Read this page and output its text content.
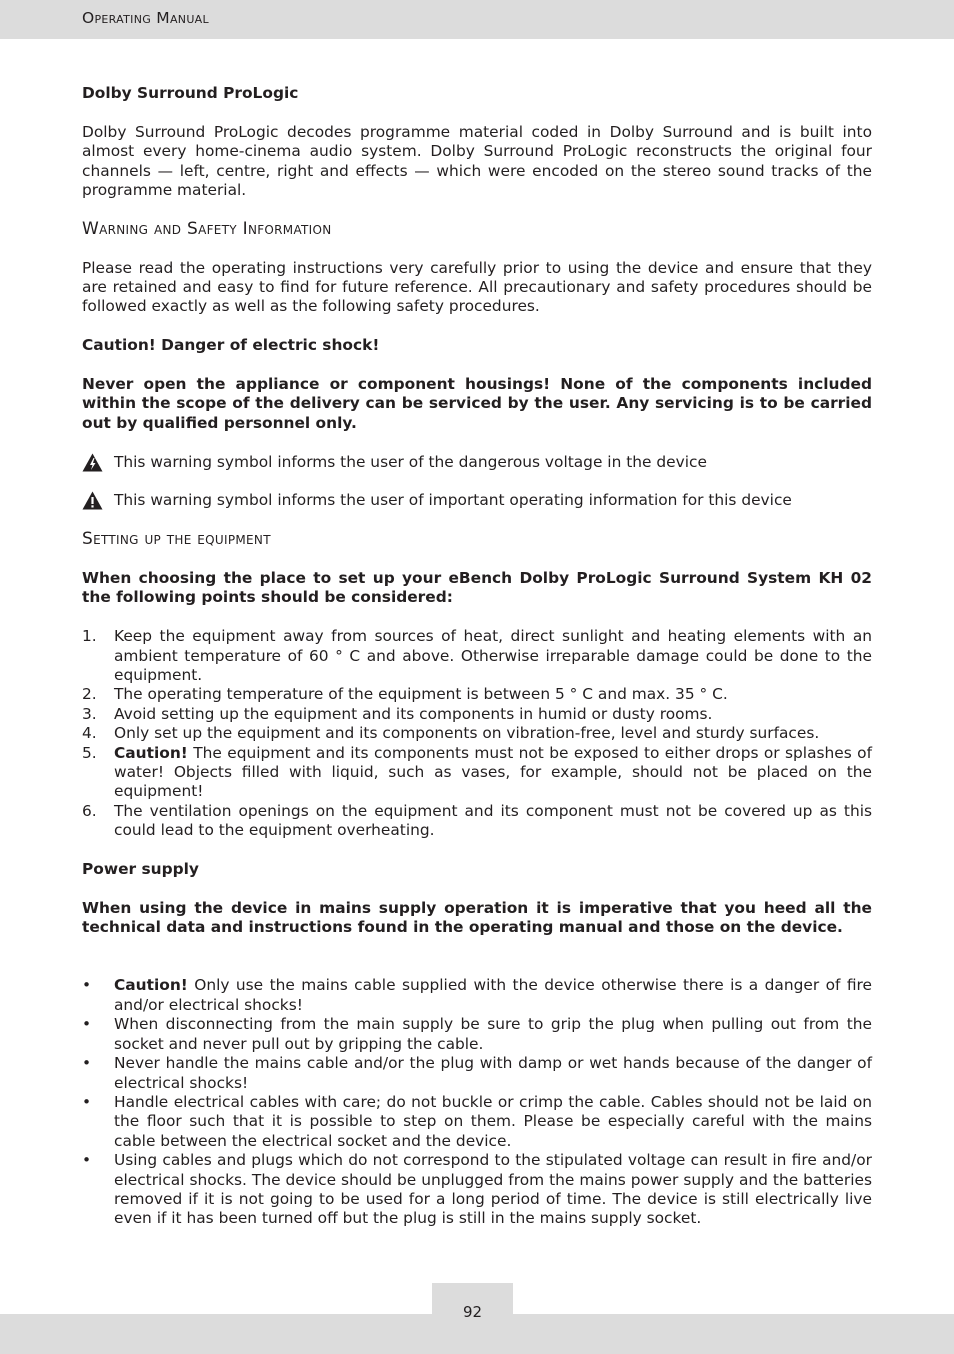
Operating Manual

Dolby Surround ProLogic

Dolby Surround ProLogic decodes programme material coded in Dolby Surround and is built into almost every home-cinema audio system. Dolby Surround ProLogic reconstructs the original four channels — left, centre, right and effects — which were encoded on the stereo sound tracks of the programme material.

Warning and Safety Information

Please read the operating instructions very carefully prior to using the device and ensure that they are retained and easy to find for future reference. All precautionary and safety procedures should be followed exactly as well as the following safety procedures.

Caution! Danger of electric shock!

Never open the appliance or component housings! None of the components included within the scope of the delivery can be serviced by the user. Any servicing is to be carried out by qualified personnel only.

This warning symbol informs the user of the dangerous voltage in the device
This warning symbol informs the user of important operating information for this device

Setting up the equipment

When choosing the place to set up your eBench Dolby ProLogic Surround System KH 02 the following points should be considered:

1.	Keep the equipment away from sources of heat, direct sunlight and heating elements with an ambient temperature of 60 ° C and above. Otherwise irreparable damage could be done to the equipment.
2.	The operating temperature of the equipment is between 5 ° C and max. 35 ° C.
3.	Avoid setting up the equipment and its components in humid or dusty rooms.
4.	Only set up the equipment and its components on vibration-free, level and sturdy surfaces.
5.	Caution! The equipment and its components must not be exposed to either drops or splashes of water! Objects filled with liquid, such as vases, for example, should not be placed on the equipment!
6.	The ventilation openings on the equipment and its component must not be covered up as this could lead to the equipment overheating.

Power supply

When using the device in mains supply operation it is imperative that you heed all the technical data and instructions found in the operating manual and those on the device.

•	Caution! Only use the mains cable supplied with the device otherwise there is a danger of fire and/or electrical shocks!
•	When disconnecting from the main supply be sure to grip the plug when pulling out from the socket and never pull out by gripping the cable.
•	Never handle the mains cable and/or the plug with damp or wet hands because of the danger of electrical shocks!
•	Handle electrical cables with care; do not buckle or crimp the cable. Cables should not be laid on the floor such that it is possible to step on them. Please be especially careful with the mains cable between the electrical socket and the device.
•	Using cables and plugs which do not correspond to the stipulated voltage can result in fire and/or electrical shocks. The device should be unplugged from the mains power supply and the batteries removed if it is not going to be used for a long period of time. The device is still electrically live even if it has been turned off but the plug is still in the mains supply socket.
92
